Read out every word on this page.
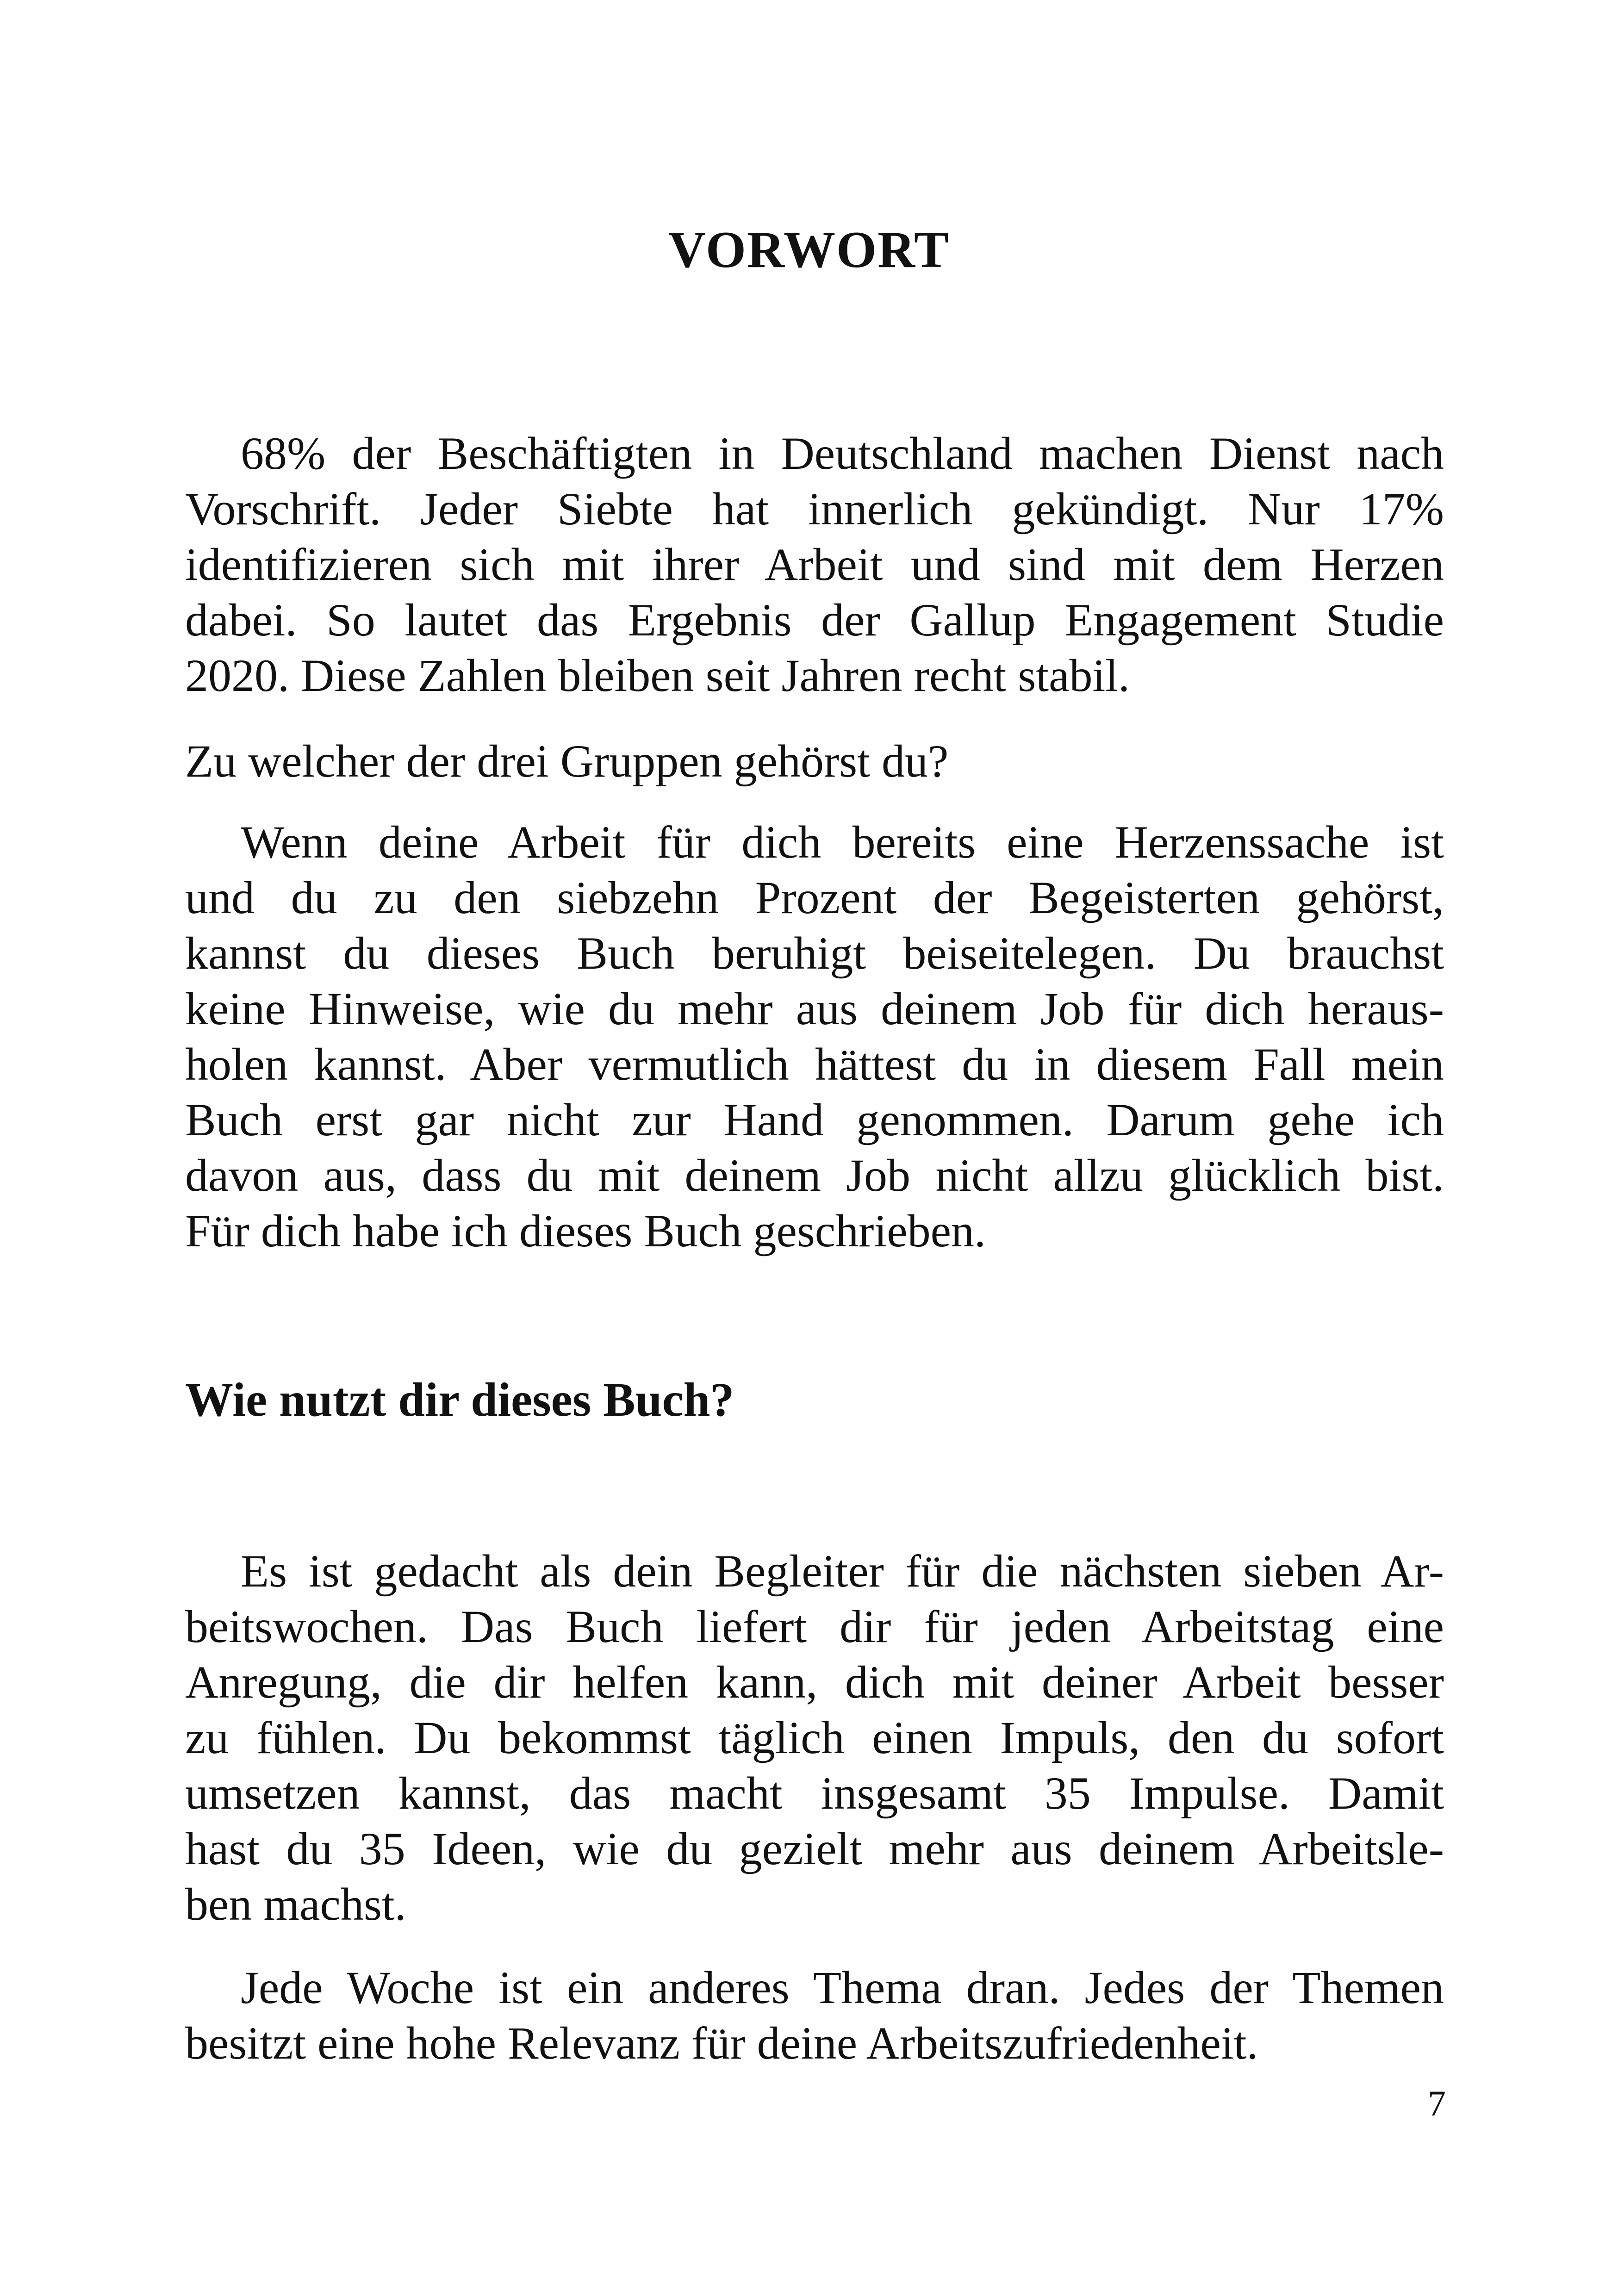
VORWORT

68% der Beschäftigten in Deutschland machen Dienst nach
Vorschrift. Jeder Siebte hat innerlich gekündigt. Nur 17%
identifizieren sich mit ihrer Arbeit und sind mit dem Herzen
dabei. So lautet das Ergebnis der Gallup Engagement Studie
2020. Diese Zahlen bleiben seit Jahren recht stabil.

Zu welcher der drei Gruppen gehörst du?

Wenn deine Arbeit für dich bereits eine Herzenssache ist
und du zu den siebzehn Prozent der Begeisterten gehörst,
kannst du dieses Buch beruhigt beiseitelegen. Du brauchst
keine Hinweise, wie du mehr aus deinem Job für dich heraus-
holen kannst. Aber vermutlich hättest du in diesem Fall mein
Buch erst gar nicht zur Hand genommen. Darum gehe ich
davon aus, dass du mit deinem Job nicht allzu glücklich bist.
Für dich habe ich dieses Buch geschrieben.

Wie nutzt dir dieses Buch?

Es ist gedacht als dein Begleiter für die nächsten sieben Ar-
beitswochen. Das Buch liefert dir für jeden Arbeitstag eine
Anregung, die dir helfen kann, dich mit deiner Arbeit besser
zu fühlen. Du bekommst täglich einen Impuls, den du sofort
umsetzen kannst, das macht insgesamt 35 Impulse. Damit
hast du 35 Ideen, wie du gezielt mehr aus deinem Arbeitsle-
ben machst.

Jede Woche ist ein anderes Thema dran. Jedes der Themen
besitzt eine hohe Relevanz für deine Arbeitszufriedenheit.

7
